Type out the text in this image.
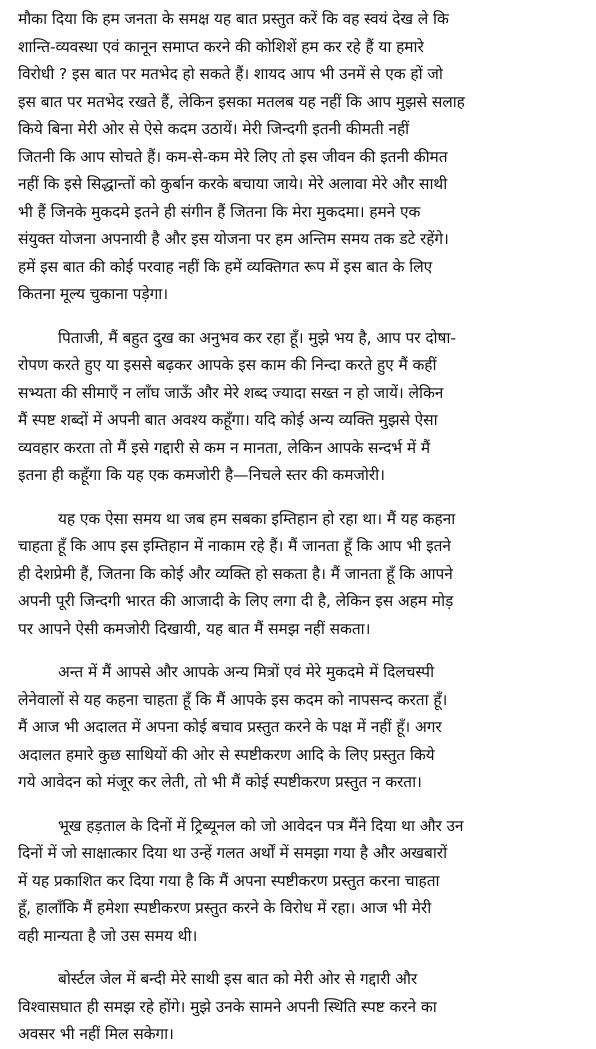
मौका दिया कि हम जनता के समक्ष यह बात प्रस्तुत करें कि वह स्वयं देख ले कि
शान्ति-व्यवस्था एवं कानून समाप्त करने की कोशिशें हम कर रहे हैं या हमारे
विरोधी ? इस बात पर मतभेद हो सकते हैं। शायद आप भी उनमें से एक हों जो
इस बात पर मतभेद रखते हैं, लेकिन इसका मतलब यह नहीं कि आप मुझसे सलाह
किये बिना मेरी ओर से ऐसे कदम उठायें। मेरी जिन्दगी इतनी कीमती नहीं
जितनी कि आप सोचते हैं। कम-से-कम मेरे लिए तो इस जीवन की इतनी कीमत
नहीं कि इसे सिद्धान्तों को कुर्बान करके बचाया जाये। मेरे अलावा मेरे और साथी
भी हैं जिनके मुकदमे इतने ही संगीन हैं जितना कि मेरा मुकदमा। हमने एक
संयुक्त योजना अपनायी है और इस योजना पर हम अन्तिम समय तक डटे रहेंगे।
हमें इस बात की कोई परवाह नहीं कि हमें व्यक्तिगत रूप में इस बात के लिए
कितना मूल्य चुकाना पड़ेगा।
पिताजी, मैं बहुत दुख का अनुभव कर रहा हूँ। मुझे भय है, आप पर दोषा-
रोपण करते हुए या इससे बढ़कर आपके इस काम की निन्दा करते हुए मैं कहीं
सभ्यता की सीमाएँ न लाँघ जाऊँ और मेरे शब्द ज्यादा सख्त न हो जायें। लेकिन
मैं स्पष्ट शब्दों में अपनी बात अवश्य कहूँगा। यदि कोई अन्य व्यक्ति मुझसे ऐसा
व्यवहार करता तो मैं इसे गद्दारी से कम न मानता, लेकिन आपके सन्दर्भ में मैं
इतना ही कहूँगा कि यह एक कमजोरी है—निचले स्तर की कमजोरी।
यह एक ऐसा समय था जब हम सबका इम्तिहान हो रहा था। मैं यह कहना
चाहता हूँ कि आप इस इम्तिहान में नाकाम रहे हैं। मैं जानता हूँ कि आप भी इतने
ही देशप्रेमी हैं, जितना कि कोई और व्यक्ति हो सकता है। मैं जानता हूँ कि आपने
अपनी पूरी जिन्दगी भारत की आजादी के लिए लगा दी है, लेकिन इस अहम मोड़
पर आपने ऐसी कमजोरी दिखायी, यह बात मैं समझ नहीं सकता।
अन्त में मैं आपसे और आपके अन्य मित्रों एवं मेरे मुकदमे में दिलचस्पी
लेनेवालों से यह कहना चाहता हूँ कि मैं आपके इस कदम को नापसन्द करता हूँ।
मैं आज भी अदालत में अपना कोई बचाव प्रस्तुत करने के पक्ष में नहीं हूँ। अगर
अदालत हमारे कुछ साथियों की ओर से स्पष्टीकरण आदि के लिए प्रस्तुत किये
गये आवेदन को मंजूर कर लेती, तो भी मैं कोई स्पष्टीकरण प्रस्तुत न करता।
भूख हड़ताल के दिनों में ट्रिब्यूनल को जो आवेदन पत्र मैंने दिया था और उन
दिनों में जो साक्षात्कार दिया था उन्हें गलत अर्थों में समझा गया है और अखबारों
में यह प्रकाशित कर दिया गया है कि मैं अपना स्पष्टीकरण प्रस्तुत करना चाहता
हूँ, हालाँकि मैं हमेशा स्पष्टीकरण प्रस्तुत करने के विरोध में रहा। आज भी मेरी
वही मान्यता है जो उस समय थी।
बोर्स्टल जेल में बन्दी मेरे साथी इस बात को मेरी ओर से गद्दारी और
विश्वासघात ही समझ रहे होंगे। मुझे उनके सामने अपनी स्थिति स्पष्ट करने का
अवसर भी नहीं मिल सकेगा।
